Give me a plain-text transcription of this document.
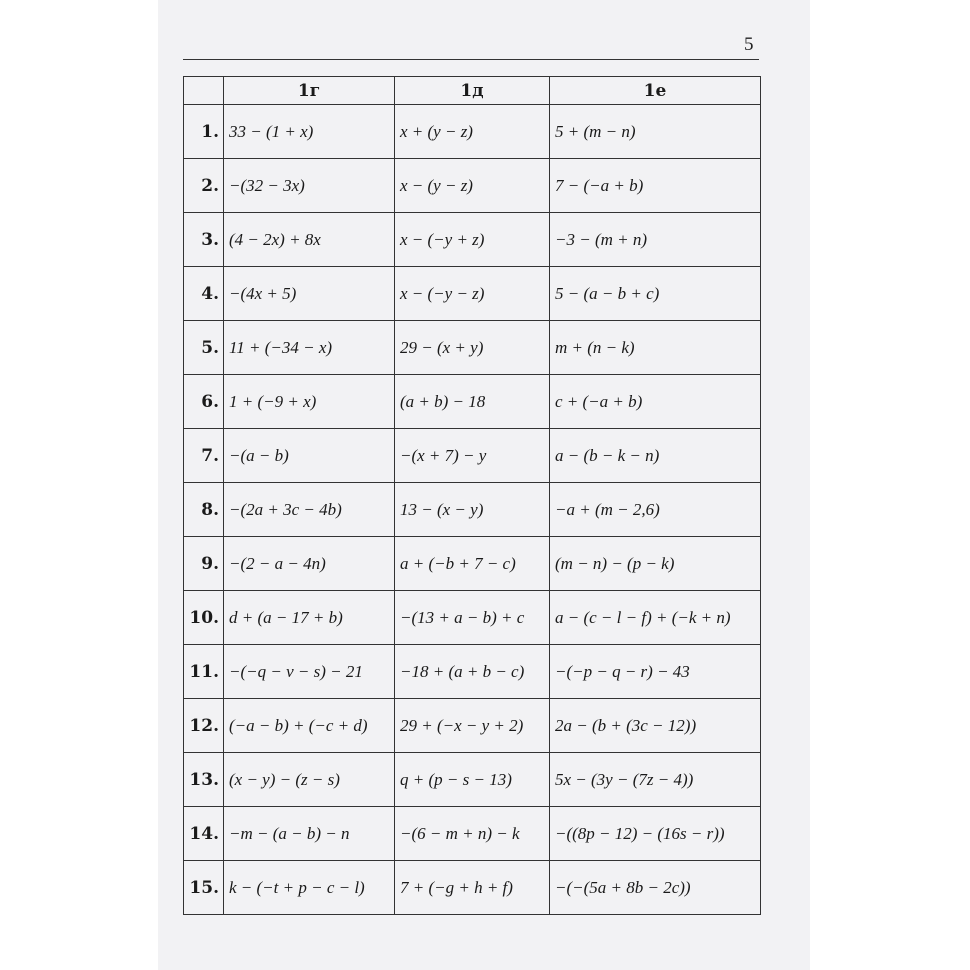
5
	1г	1д	1е
1.	33 − (1 + x)	x + (y − z)	5 + (m − n)
2.	−(32 − 3x)	x − (y − z)	7 − (−a + b)
3.	(4 − 2x) + 8x	x − (−y + z)	−3 − (m + n)
4.	−(4x + 5)	x − (−y − z)	5 − (a − b + c)
5.	11 + (−34 − x)	29 − (x + y)	m + (n − k)
6.	1 + (−9 + x)	(a + b) − 18	c + (−a + b)
7.	−(a − b)	−(x + 7) − y	a − (b − k − n)
8.	−(2a + 3c − 4b)	13 − (x − y)	−a + (m − 2,6)
9.	−(2 − a − 4n)	a + (−b + 7 − c)	(m − n) − (p − k)
10.	d + (a − 17 + b)	−(13 + a − b) + c	a − (c − l − f) + (−k + n)
11.	−(−q − v − s) − 21	−18 + (a + b − c)	−(−p − q − r) − 43
12.	(−a − b) + (−c + d)	29 + (−x − y + 2)	2a − (b + (3c − 12))
13.	(x − y) − (z − s)	q + (p − s − 13)	5x − (3y − (7z − 4))
14.	−m − (a − b) − n	−(6 − m + n) − k	−((8p − 12) − (16s − r))
15.	k − (−t + p − c − l)	7 + (−g + h + f)	−(−(5a + 8b − 2c))
